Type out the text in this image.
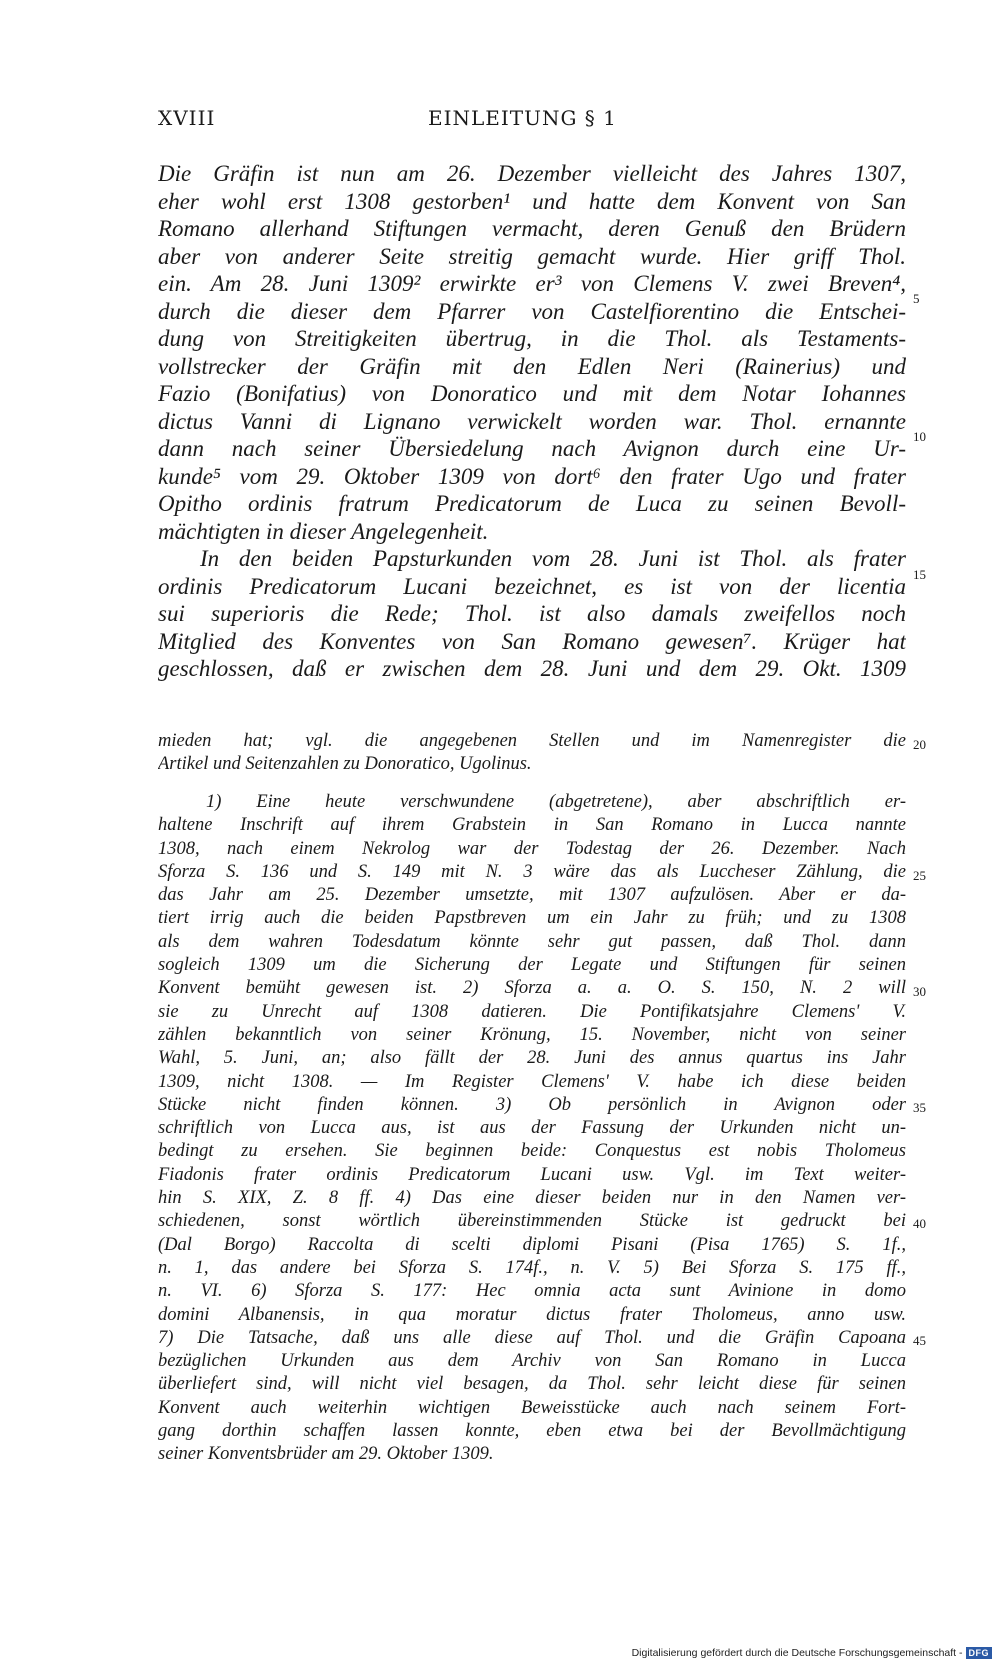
XVIII	EINLEITUNG § 1
Die Gräfin ist nun am 26. Dezember vielleicht des Jahres 1307,
eher wohl erst 1308 gestorben¹ und hatte dem Konvent von San
Romano allerhand Stiftungen vermacht, deren Genuß den Brüdern
aber von anderer Seite streitig gemacht wurde. Hier griff Thol.
ein. Am 28. Juni 1309² erwirkte er³ von Clemens V. zwei Breven⁴,
durch die dieser dem Pfarrer von Castelfiorentino die Entschei-
dung von Streitigkeiten übertrug, in die Thol. als Testaments-
vollstrecker der Gräfin mit den Edlen Neri (Rainerius) und
Fazio (Bonifatius) von Donoratico und mit dem Notar Iohannes
dictus Vanni di Lignano verwickelt worden war. Thol. ernannte
dann nach seiner Übersiedelung nach Avignon durch eine Ur-
kunde⁵ vom 29. Oktober 1309 von dort⁶ den frater Ugo und frater
Opitho ordinis fratrum Predicatorum de Luca zu seinen Bevoll-
mächtigten in dieser Angelegenheit.
In den beiden Papsturkunden vom 28. Juni ist Thol. als frater
ordinis Predicatorum Lucani bezeichnet, es ist von der licentia
sui superioris die Rede; Thol. ist also damals zweifellos noch
Mitglied des Konventes von San Romano gewesen⁷. Krüger hat
geschlossen, daß er zwischen dem 28. Juni und dem 29. Okt. 1309
mieden hat; vgl. die angegebenen Stellen und im Namenregister die
Artikel und Seitenzahlen zu Donoratico, Ugolinus.
1) Eine heute verschwundene (abgetretene), aber abschriftlich er-
haltene Inschrift auf ihrem Grabstein in San Romano in Lucca nannte
1308, nach einem Nekrolog war der Todestag der 26. Dezember. Nach
Sforza S. 136 und S. 149 mit N. 3 wäre das als Luccheser Zählung, die
das Jahr am 25. Dezember umsetzte, mit 1307 aufzulösen. Aber er da-
tiert irrig auch die beiden Papstbreven um ein Jahr zu früh; und zu 1308
als dem wahren Todesdatum könnte sehr gut passen, daß Thol. dann
sogleich 1309 um die Sicherung der Legate und Stiftungen für seinen
Konvent bemüht gewesen ist. 2) Sforza a. a. O. S. 150, N. 2 will
sie zu Unrecht auf 1308 datieren. Die Pontifikatsjahre Clemens' V.
zählen bekanntlich von seiner Krönung, 15. November, nicht von seiner
Wahl, 5. Juni, an; also fällt der 28. Juni des annus quartus ins Jahr
1309, nicht 1308. — Im Register Clemens' V. habe ich diese beiden
Stücke nicht finden können. 3) Ob persönlich in Avignon oder
schriftlich von Lucca aus, ist aus der Fassung der Urkunden nicht un-
bedingt zu ersehen. Sie beginnen beide: Conquestus est nobis Tholomeus
Fiadonis frater ordinis Predicatorum Lucani usw. Vgl. im Text weiter-
hin S. XIX, Z. 8 ff. 4) Das eine dieser beiden nur in den Namen ver-
schiedenen, sonst wörtlich übereinstimmenden Stücke ist gedruckt bei
(Dal Borgo) Raccolta di scelti diplomi Pisani (Pisa 1765) S. 1f.,
n. 1, das andere bei Sforza S. 174f., n. V. 5) Bei Sforza S. 175 ff.,
n. VI. 6) Sforza S. 177: Hec omnia acta sunt Avinione in domo
domini Albanensis, in qua moratur dictus frater Tholomeus, anno usw.
7) Die Tatsache, daß uns alle diese auf Thol. und die Gräfin Capoana
bezüglichen Urkunden aus dem Archiv von San Romano in Lucca
überliefert sind, will nicht viel besagen, da Thol. sehr leicht diese für seinen
Konvent auch weiterhin wichtigen Beweisstücke auch nach seinem Fort-
gang dorthin schaffen lassen konnte, eben etwa bei der Bevollmächtigung
seiner Konventsbrüder am 29. Oktober 1309.
5
10
15
20
25
30
35
40
45
Digitalisierung gefördert durch die Deutsche Forschungsgemeinschaft - DFG
